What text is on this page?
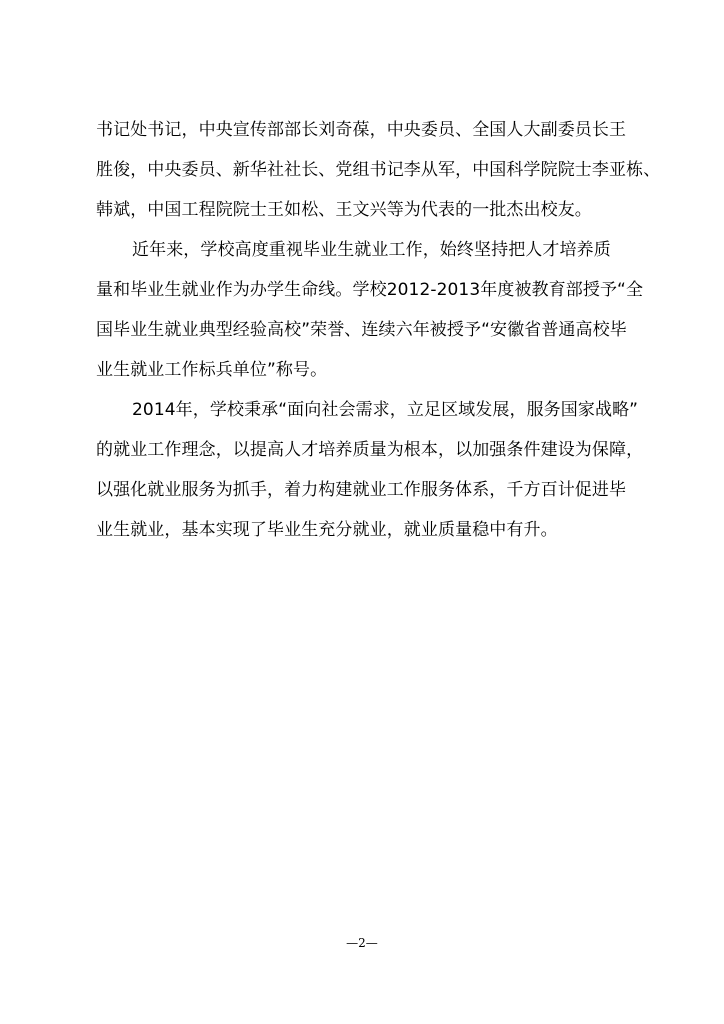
书记处书记，中央宣传部部长刘奇葆，中央委员、全国人大副委员长王
胜俊，中央委员、新华社社长、党组书记李从军，中国科学院院士李亚栋、
韩斌，中国工程院院士王如松、王文兴等为代表的一批杰出校友。
近年来，学校高度重视毕业生就业工作，始终坚持把人才培养质
量和毕业生就业作为办学生命线。学校2012-2013年度被教育部授予“全
国毕业生就业典型经验高校”荣誉、连续六年被授予“安徽省普通高校毕
业生就业工作标兵单位”称号。
2014年，学校秉承“面向社会需求，立足区域发展，服务国家战略”
的就业工作理念，以提高人才培养质量为根本，以加强条件建设为保障，
以强化就业服务为抓手，着力构建就业工作服务体系，千方百计促进毕
业生就业，基本实现了毕业生充分就业，就业质量稳中有升。
—2—
